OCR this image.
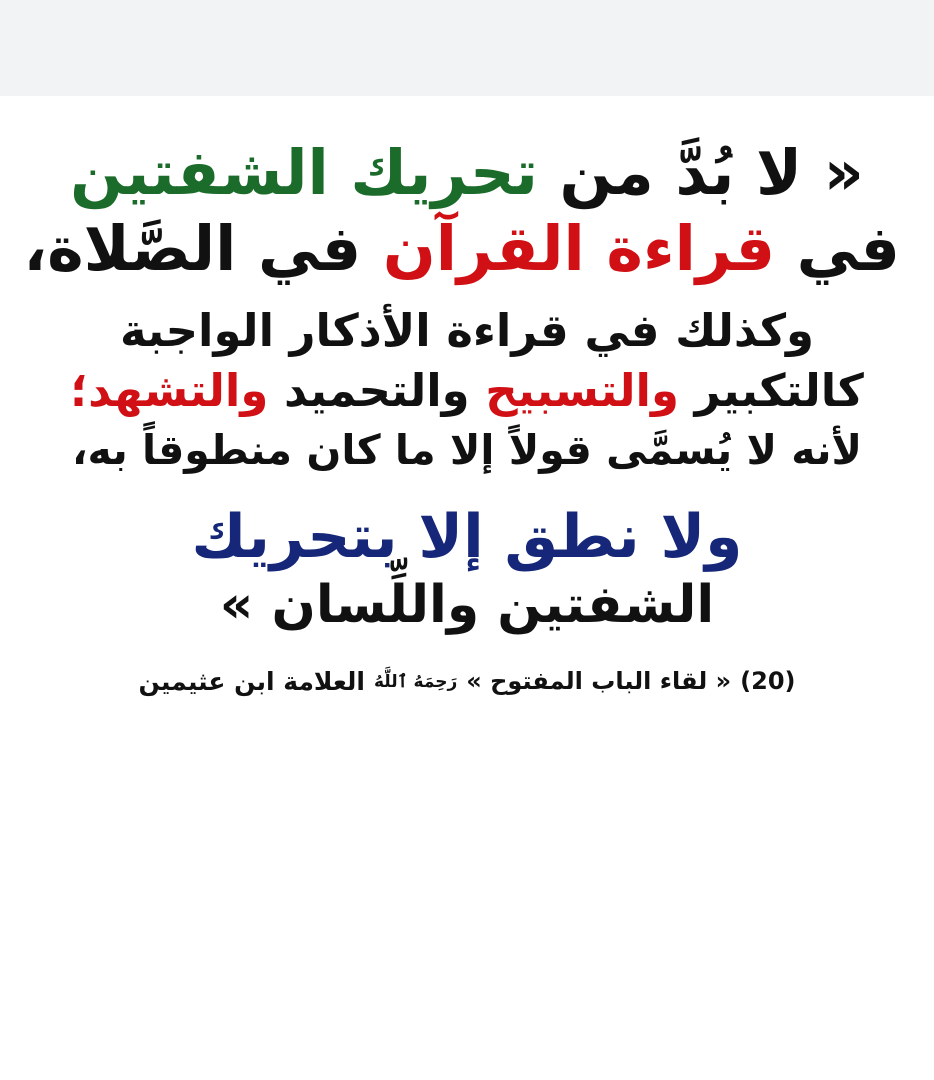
« لا بُدَّ من تحريك الشفتين
في قراءة القرآن في الصَّلاة،
وكذلك في قراءة الأذكار الواجبة
كالتكبير والتسبيح والتحميد والتشهد؛
لأنه لا يُسمَّى قولاً إلا ما كان منطوقاً به،
ولا نطق إلا بتحريك
الشفتين واللِّسان »
(20)
« لقاء الباب المفتوح »
رَحِمَهُ ٱللَّهُ
العلامة ابن عثيمين
